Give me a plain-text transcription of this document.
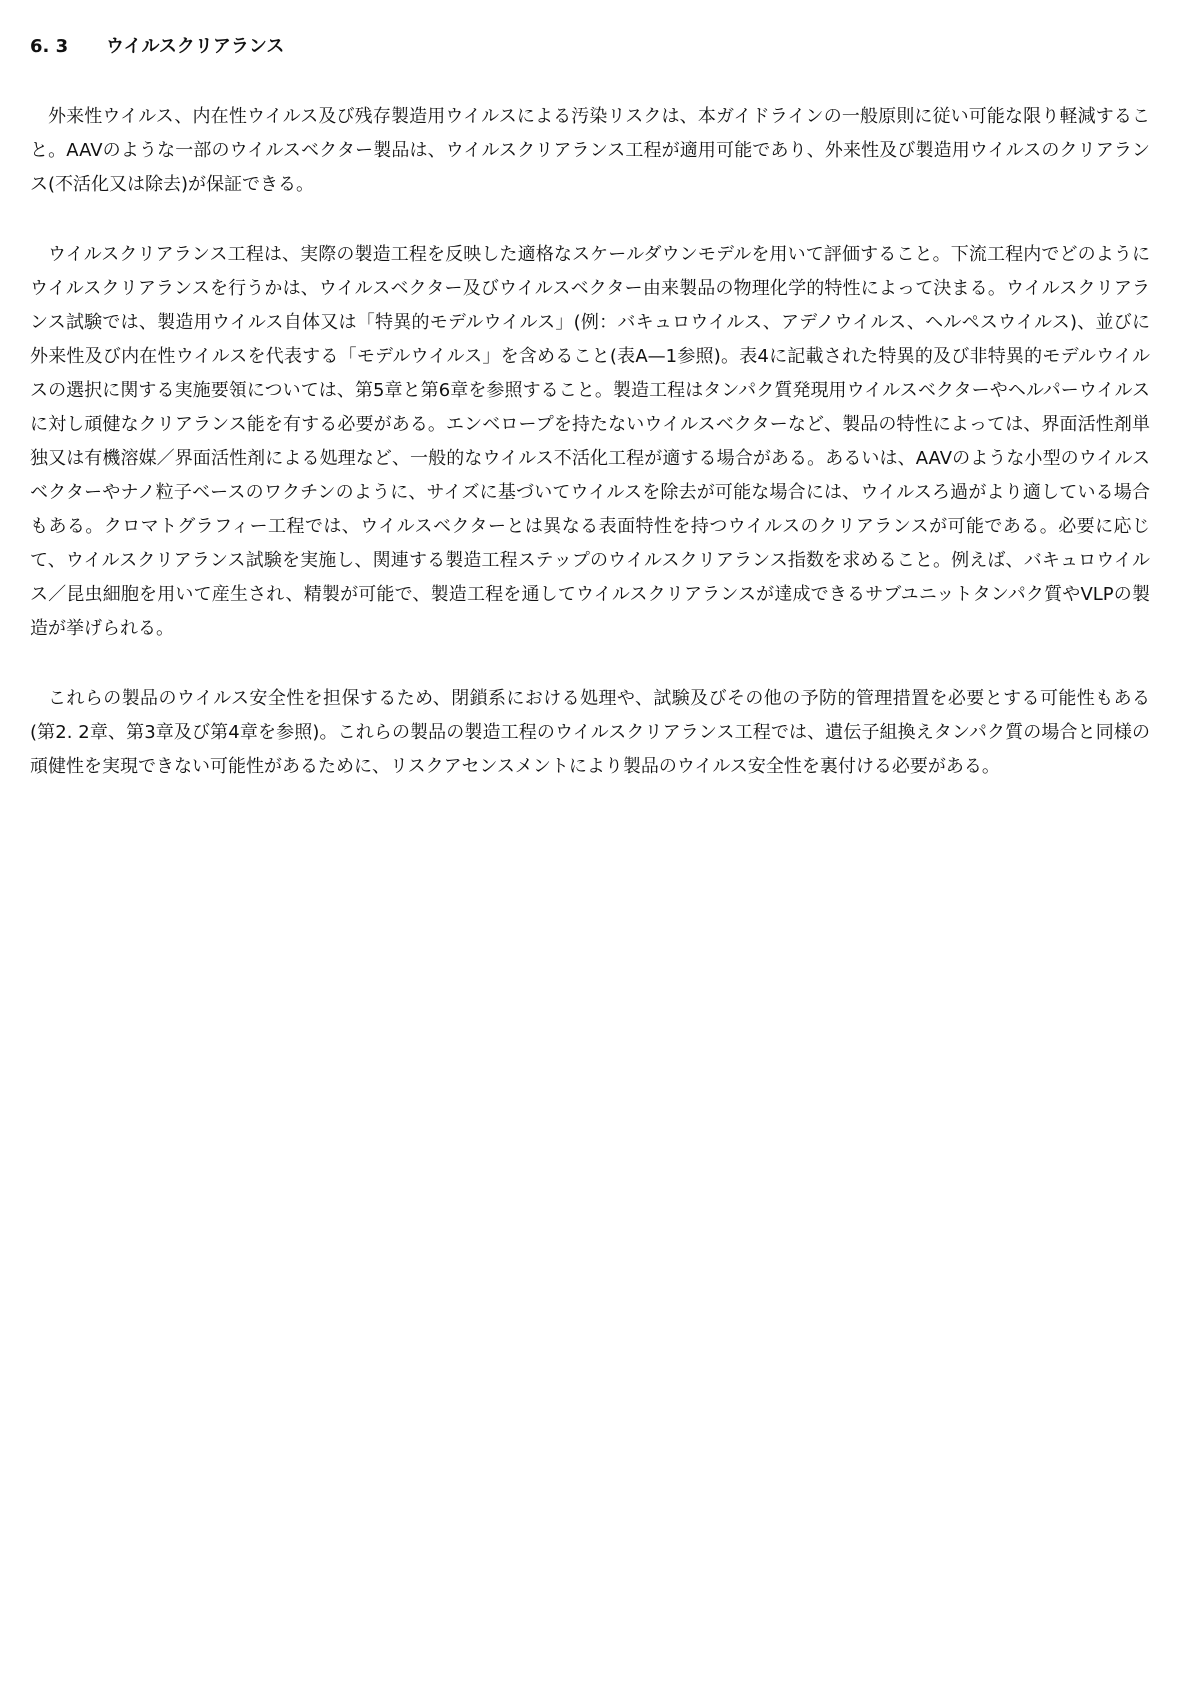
6. 3 ウイルスクリアランス

外来性ウイルス、内在性ウイルス及び残存製造用ウイルスによる汚染リスクは、本ガイドラインの一般原則に従い可能な限り軽減すること。AAVのような一部のウイルスベクター製品は、ウイルスクリアランス工程が適用可能であり、外来性及び製造用ウイルスのクリアランス(不活化又は除去)が保証できる。

ウイルスクリアランス工程は、実際の製造工程を反映した適格なスケールダウンモデルを用いて評価すること。下流工程内でどのようにウイルスクリアランスを行うかは、ウイルスベクター及びウイルスベクター由来製品の物理化学的特性によって決まる。ウイルスクリアランス試験では、製造用ウイルス自体又は「特異的モデルウイルス」(例：バキュロウイルス、アデノウイルス、ヘルペスウイルス)、並びに外来性及び内在性ウイルスを代表する「モデルウイルス」を含めること(表A—1参照)。表4に記載された特異的及び非特異的モデルウイルスの選択に関する実施要領については、第5章と第6章を参照すること。製造工程はタンパク質発現用ウイルスベクターやヘルパーウイルスに対し頑健なクリアランス能を有する必要がある。エンベロープを持たないウイルスベクターなど、製品の特性によっては、界面活性剤単独又は有機溶媒／界面活性剤による処理など、一般的なウイルス不活化工程が適する場合がある。あるいは、AAVのような小型のウイルスベクターやナノ粒子ベースのワクチンのように、サイズに基づいてウイルスを除去が可能な場合には、ウイルスろ過がより適している場合もある。クロマトグラフィー工程では、ウイルスベクターとは異なる表面特性を持つウイルスのクリアランスが可能である。必要に応じて、ウイルスクリアランス試験を実施し、関連する製造工程ステップのウイルスクリアランス指数を求めること。例えば、バキュロウイルス／昆虫細胞を用いて産生され、精製が可能で、製造工程を通してウイルスクリアランスが達成できるサブユニットタンパク質やVLPの製造が挙げられる。

これらの製品のウイルス安全性を担保するため、閉鎖系における処理や、試験及びその他の予防的管理措置を必要とする可能性もある(第2. 2章、第3章及び第4章を参照)。これらの製品の製造工程のウイルスクリアランス工程では、遺伝子組換えタンパク質の場合と同様の頑健性を実現できない可能性があるために、リスクアセンスメントにより製品のウイルス安全性を裏付ける必要がある。
